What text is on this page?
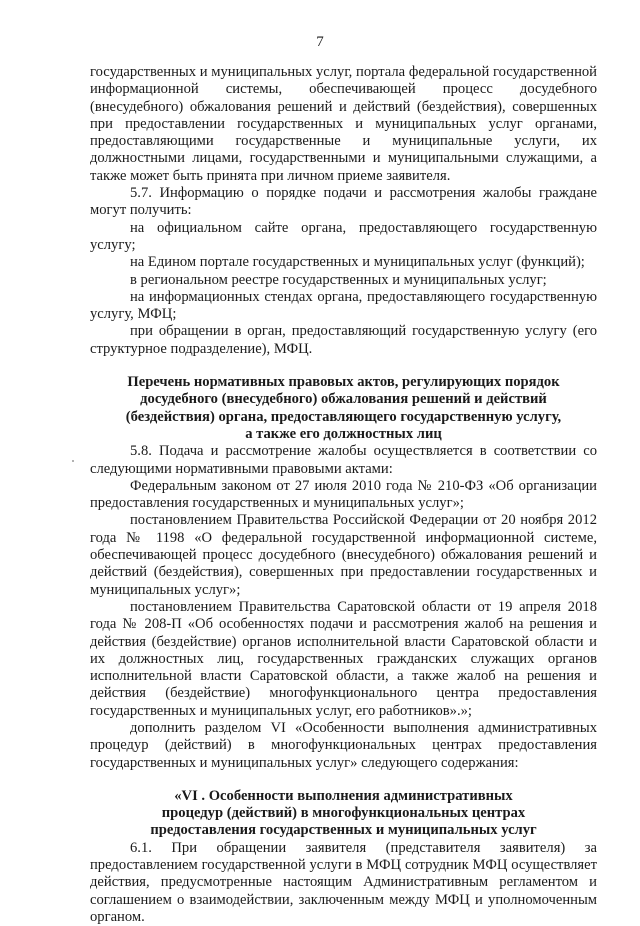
7

государственных и муниципальных услуг, портала федеральной государственной информационной системы, обеспечивающей процесс досудебного (внесудебного) обжалования решений и действий (бездействия), совершенных при предоставлении государственных и муниципальных услуг органами, предоставляющими государственные и муниципальные услуги, их должностными лицами, государственными и муниципальными служащими, а также может быть принята при личном приеме заявителя.

5.7. Информацию о порядке подачи и рассмотрения жалобы граждане могут получить:

на официальном сайте органа, предоставляющего государственную услугу;

на Едином портале государственных и муниципальных услуг (функций);

в региональном реестре государственных и муниципальных услуг;

на информационных стендах органа, предоставляющего государственную услугу, МФЦ;

при обращении в орган, предоставляющий государственную услугу (его структурное подразделение), МФЦ.

Перечень нормативных правовых актов, регулирующих порядок
досудебного (внесудебного) обжалования решений и действий
(бездействия) органа, предоставляющего государственную услугу,
а также его должностных лиц

5.8. Подача и рассмотрение жалобы осуществляется в соответствии со следующими нормативными правовыми актами:

Федеральным законом от 27 июля 2010 года № 210-ФЗ «Об организации предоставления государственных и муниципальных услуг»;

постановлением Правительства Российской Федерации от 20 ноября 2012 года № 1198 «О федеральной государственной информационной системе, обеспечивающей процесс досудебного (внесудебного) обжалования решений и действий (бездействия), совершенных при предоставлении государственных и муниципальных услуг»;

постановлением Правительства Саратовской области от 19 апреля 2018 года № 208-П «Об особенностях подачи и рассмотрения жалоб на решения и действия (бездействие) органов исполнительной власти Саратовской области и их должностных лиц, государственных гражданских служащих органов исполнительной власти Саратовской области, а также жалоб на решения и действия (бездействие) многофункционального центра предоставления государственных и муниципальных услуг, его работников».»;

дополнить разделом VI «Особенности выполнения административных процедур (действий) в многофункциональных центрах предоставления государственных и муниципальных услуг» следующего содержания:

«VI . Особенности выполнения административных
процедур (действий) в многофункциональных центрах
предоставления государственных и муниципальных услуг

6.1. При обращении заявителя (представителя заявителя) за предоставлением государственной услуги в МФЦ сотрудник МФЦ осуществляет действия, предусмотренные настоящим Административным регламентом и соглашением о взаимодействии, заключенным между МФЦ и уполномоченным органом.
